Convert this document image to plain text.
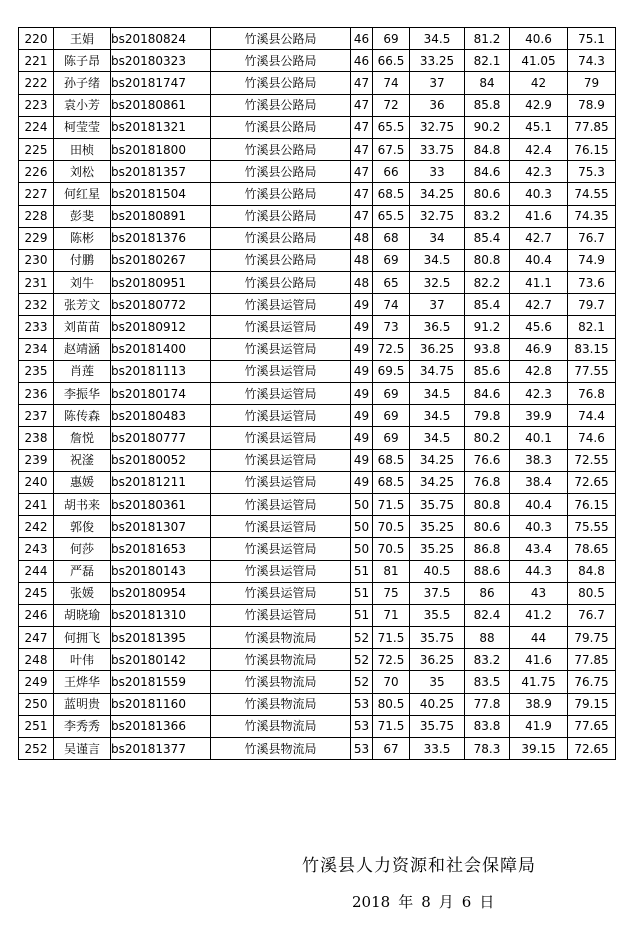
220	王娟	bs20180824	竹溪县公路局	46	69	34.5	81.2	40.6	75.1
221	陈子昂	bs20180323	竹溪县公路局	46	66.5	33.25	82.1	41.05	74.3
222	孙子绪	bs20181747	竹溪县公路局	47	74	37	84	42	79
223	袁小芳	bs20180861	竹溪县公路局	47	72	36	85.8	42.9	78.9
224	柯莹莹	bs20181321	竹溪县公路局	47	65.5	32.75	90.2	45.1	77.85
225	田桢	bs20181800	竹溪县公路局	47	67.5	33.75	84.8	42.4	76.15
226	刘松	bs20181357	竹溪县公路局	47	66	33	84.6	42.3	75.3
227	何红星	bs20181504	竹溪县公路局	47	68.5	34.25	80.6	40.3	74.55
228	彭斐	bs20180891	竹溪县公路局	47	65.5	32.75	83.2	41.6	74.35
229	陈彬	bs20181376	竹溪县公路局	48	68	34	85.4	42.7	76.7
230	付鹏	bs20180267	竹溪县公路局	48	69	34.5	80.8	40.4	74.9
231	刘牛	bs20180951	竹溪县公路局	48	65	32.5	82.2	41.1	73.6
232	张芳文	bs20180772	竹溪县运管局	49	74	37	85.4	42.7	79.7
233	刘苗苗	bs20180912	竹溪县运管局	49	73	36.5	91.2	45.6	82.1
234	赵靖涵	bs20181400	竹溪县运管局	49	72.5	36.25	93.8	46.9	83.15
235	肖莲	bs20181113	竹溪县运管局	49	69.5	34.75	85.6	42.8	77.55
236	李振华	bs20180174	竹溪县运管局	49	69	34.5	84.6	42.3	76.8
237	陈传森	bs20180483	竹溪县运管局	49	69	34.5	79.8	39.9	74.4
238	詹悦	bs20180777	竹溪县运管局	49	69	34.5	80.2	40.1	74.6
239	祝滏	bs20180052	竹溪县运管局	49	68.5	34.25	76.6	38.3	72.55
240	惠媛	bs20181211	竹溪县运管局	49	68.5	34.25	76.8	38.4	72.65
241	胡书来	bs20180361	竹溪县运管局	50	71.5	35.75	80.8	40.4	76.15
242	郭俊	bs20181307	竹溪县运管局	50	70.5	35.25	80.6	40.3	75.55
243	何莎	bs20181653	竹溪县运管局	50	70.5	35.25	86.8	43.4	78.65
244	严磊	bs20180143	竹溪县运管局	51	81	40.5	88.6	44.3	84.8
245	张媛	bs20180954	竹溪县运管局	51	75	37.5	86	43	80.5
246	胡晓瑜	bs20181310	竹溪县运管局	51	71	35.5	82.4	41.2	76.7
247	何拥飞	bs20181395	竹溪县物流局	52	71.5	35.75	88	44	79.75
248	叶伟	bs20180142	竹溪县物流局	52	72.5	36.25	83.2	41.6	77.85
249	王烨华	bs20181559	竹溪县物流局	52	70	35	83.5	41.75	76.75
250	蓝明贵	bs20181160	竹溪县物流局	53	80.5	40.25	77.8	38.9	79.15
251	李秀秀	bs20181366	竹溪县物流局	53	71.5	35.75	83.8	41.9	77.65
252	吴谨言	bs20181377	竹溪县物流局	53	67	33.5	78.3	39.15	72.65
竹溪县人力资源和社会保障局
2018 年 8 月 6 日
